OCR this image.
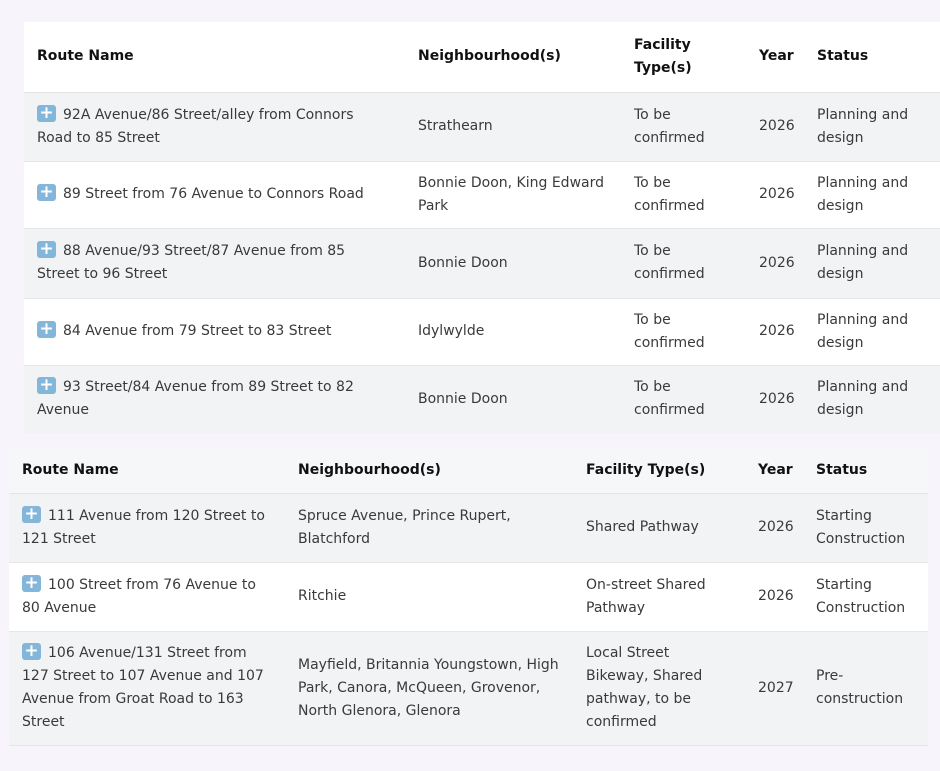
Route Name	Neighbourhood(s)	Facility Type(s)	Year	Status
+ 92A Avenue/86 Street/alley from Connors Road to 85 Street	Strathearn	To be confirmed	2026	Planning and design
+ 89 Street from 76 Avenue to Connors Road	Bonnie Doon, King Edward Park	To be confirmed	2026	Planning and design
+ 88 Avenue/93 Street/87 Avenue from 85 Street to 96 Street	Bonnie Doon	To be confirmed	2026	Planning and design
+ 84 Avenue from 79 Street to 83 Street	Idylwylde	To be confirmed	2026	Planning and design
+ 93 Street/84 Avenue from 89 Street to 82 Avenue	Bonnie Doon	To be confirmed	2026	Planning and design
Route Name	Neighbourhood(s)	Facility Type(s)	Year	Status
+ 111 Avenue from 120 Street to 121 Street	Spruce Avenue, Prince Rupert, Blatchford	Shared Pathway	2026	Starting Construction
+ 100 Street from 76 Avenue to 80 Avenue	Ritchie	On-street Shared Pathway	2026	Starting Construction
+ 106 Avenue/131 Street from 127 Street to 107 Avenue and 107 Avenue from Groat Road to 163 Street	Mayfield, Britannia Youngstown, High Park, Canora, McQueen, Grovenor, North Glenora, Glenora	Local Street Bikeway, Shared pathway, to be confirmed	2027	Pre-construction
